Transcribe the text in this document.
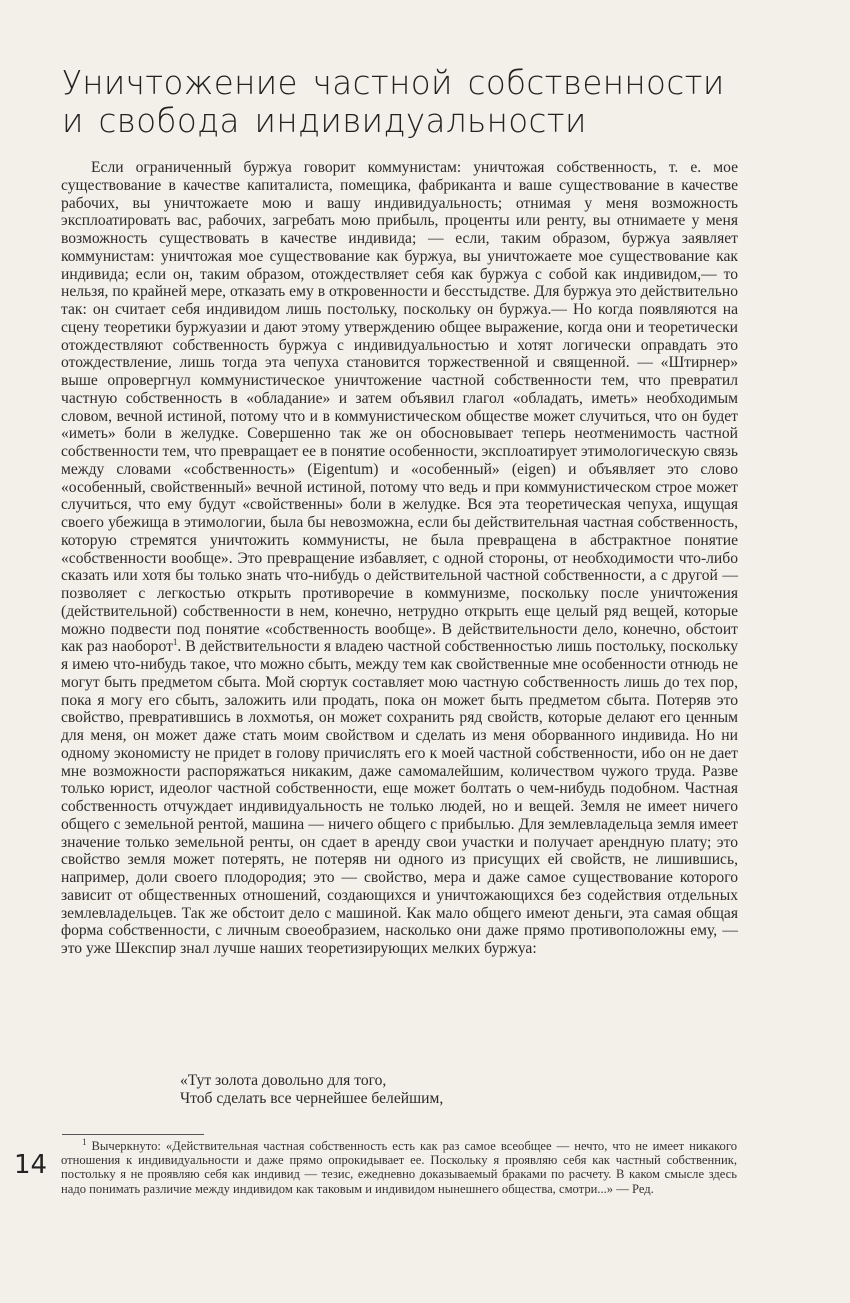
Уничтожение частной собственности
и свобода индивидуальности

Если ограниченный буржуа говорит коммунистам: уничтожая собственность, т. е. мое существование в качестве капиталиста, помещика, фабриканта и ваше существование в качестве рабочих, вы уничтожаете мою и вашу индивидуальность; отнимая у меня возможность эксплоатировать вас, рабочих, загребать мою прибыль, проценты или ренту, вы отнимаете у меня возможность существовать в качестве индивида; — если, таким образом, буржуа заявляет коммунистам: уничтожая мое существование как буржуа, вы уничтожаете мое существование как индивида; если он, таким образом, отождествляет себя как буржуа с собой как индивидом,— то нельзя, по крайней мере, отказать ему в откровенности и бесстыдстве. Для буржуа это действительно так: он считает себя индивидом лишь постольку, поскольку он буржуа.— Но когда появляются на сцену теоретики буржуазии и дают этому утверждению общее выражение, когда они и теоретически отождествляют собственность буржуа с индивидуальностью и хотят логически оправдать это отождествление, лишь тогда эта чепуха становится торжественной и священной. — «Штирнер» выше опровергнул коммунистическое уничтожение частной собственности тем, что превратил частную собственность в «обладание» и затем объявил глагол «обладать, иметь» необходимым словом, вечной истиной, потому что и в коммунистическом обществе может случиться, что он будет «иметь» боли в желудке. Совершенно так же он обосновывает теперь неотменимость частной собственности тем, что превращает ее в понятие особенности, эксплоатирует этимологическую связь между словами «собственность» (Eigentum) и «особенный» (eigen) и объявляет это слово «особенный, свойственный» вечной истиной, потому что ведь и при коммунистическом строе может случиться, что ему будут «свойственны» боли в желудке. Вся эта теоретическая чепуха, ищущая своего убежища в этимологии, была бы невозможна, если бы действительная частная собственность, которую стремятся уничтожить коммунисты, не была превращена в абстрактное понятие «собственности вообще». Это превращение избавляет, с одной стороны, от необходимости что-либо сказать или хотя бы только знать что-нибудь о действительной частной собственности, а с другой — позволяет с легкостью открыть противоречие в коммунизме, поскольку после уничтожения (действительной) собственности в нем, конечно, нетрудно открыть еще целый ряд вещей, которые можно подвести под понятие «собственность вообще». В действительности дело, конечно, обстоит как раз наоборот$^1$. В действительности я владею частной собственностью лишь постольку, поскольку я имею что-нибудь такое, что можно сбыть, между тем как свойственные мне особенности отнюдь не могут быть предметом сбыта. Мой сюртук составляет мою частную собственность лишь до тех пор, пока я могу его сбыть, заложить или продать, пока он может быть предметом сбыта. Потеряв это свойство, превратившись в лохмотья, он может сохранить ряд свойств, которые делают его ценным для меня, он может даже стать моим свойством и сделать из меня оборванного индивида. Но ни одному экономисту не придет в голову причислять его к моей частной собственности, ибо он не дает мне возможности распоряжаться никаким, даже самомалейшим, количеством чужого труда. Разве только юрист, идеолог частной собственности, еще может болтать о чем-нибудь подобном. Частная собственность отчуждает индивидуальность не только людей, но и вещей. Земля не имеет ничего общего с земельной рентой, машина — ничего общего с прибылью. Для землевладельца земля имеет значение только земельной ренты, он сдает в аренду свои участки и получает арендную плату; это свойство земля может потерять, не потеряв ни одного из присущих ей свойств, не лишившись, например, доли своего плодородия; это — свойство, мера и даже самое существование которого зависит от общественных отношений, создающихся и уничтожающихся без содействия отдельных землевладельцев. Так же обстоит дело с машиной. Как мало общего имеют деньги, эта самая общая форма собственности, с личным своеобразием, насколько они даже прямо противоположны ему, — это уже Шекспир знал лучше наших теоретизирующих мелких буржуа:

«Тут золота довольно для того,
Чтоб сделать все чернейшее белейшим,

$^1$ Вычеркнуто: «Действительная частная собственность есть как раз самое всеобщее — нечто, что не имеет никакого отношения к индивидуальности и даже прямо опрокидывает ее. Поскольку я проявляю себя как частный собственник, постольку я не проявляю себя как индивид — тезис, ежедневно доказываемый браками по расчету. В каком смысле здесь надо понимать различие между индивидом как таковым и индивидом нынешнего общества, смотри...» — Ред.

14
